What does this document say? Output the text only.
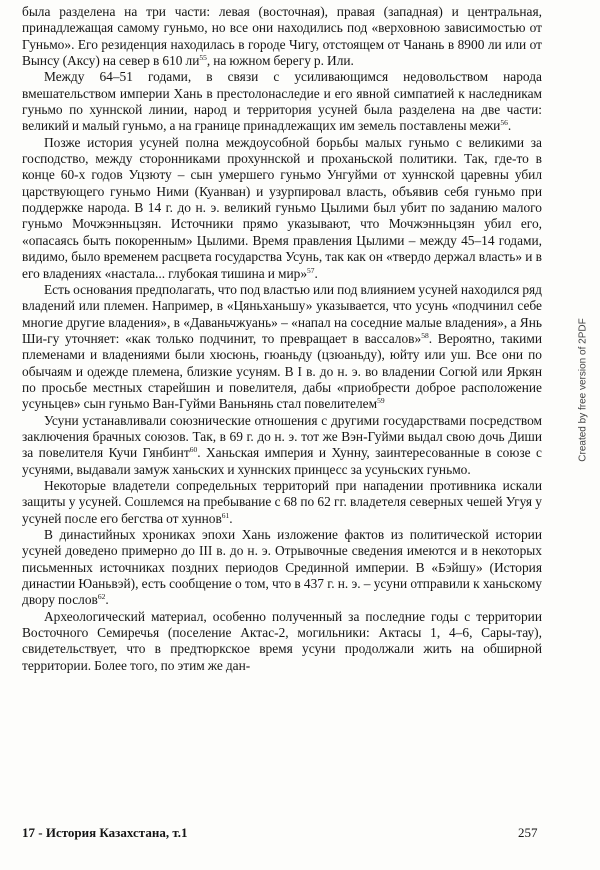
была разделена на три части: левая (восточная), правая (западная) и центральная, принадлежащая самому гуньмо, но все они находились под «верховною зависимостью от Гуньмо». Его резиденция находилась в городе Чигу, отстоящем от Чанань в 8900 ли или от Вынсу (Аксу) на север в 610 $ли^{55}$, на южном берегу р. Или.

Между 64–51 годами, в связи с усиливающимся недовольством народа вмешательством империи Хань в престолонаследие и его явной симпатией к наследникам гуньмо по хуннской линии, народ и территория усуней была разделена на две части: великий и малый гуньмо, а на границе принадлежащих им земель поставлены межи$^{56}$.

Позже история усуней полна междоусобной борьбы малых гуньмо с великими за господство, между сторонниками прохуннской и проханьской политики. Так, где-то в конце 60-х годов Уцзюту – сын умершего гуньмо Унгуйми от хуннской царевны убил царствующего гуньмо Ними (Куанван) и узурпировал власть, объявив себя гуньмо при поддержке народа. В 14 г. до н. э. великий гуньмо Цылими был убит по заданию малого гуньмо Мочжэнньцзян. Источники прямо указывают, что Мочжэнньцзян убил его, «опасаясь быть покоренным» Цылими. Время правления Цылими – между 45–14 годами, видимо, было временем расцвета государства Усунь, так как он «твердо держал власть» и в его владениях «настала... глубокая тишина и мир»$^{57}$.

Есть основания предполагать, что под властью или под влиянием усуней находился ряд владений или племен. Например, в «Цяньханьшу» указывается, что усунь «подчинил себе многие другие владения», в «Даваньчжуань» – «напал на соседние малые владения», а Янь Ши-гу уточняет: «как только подчинит, то превращает в вассалов»$^{58}$. Вероятно, такими племенами и владениями были хюсюнь, гюаньду (цзюаньду), юйту или уш. Все они по обычаям и одежде племена, близкие усуням. В I в. до н. э. во владении Согюй или Яркян по просьбе местных старейшин и повелителя, дабы «приобрести доброе расположение усуньцев» сын гуньмо Ван-Гуйми Ваньнянь стал повелителем$^{59}$

Усуни устанавливали союзнические отношения с другими государствами посредством заключения брачных союзов. Так, в 69 г. до н. э. тот же Вэн-Гуйми выдал свою дочь Диши за повелителя Кучи Гянбинт$^{60}$. Ханьская империя и Хунну, заинтересованные в союзе с усунями, выдавали замуж ханьских и хуннских принцесс за усуньских гуньмо.

Некоторые владетели сопредельных территорий при нападении противника искали защиты у усуней. Сошлемся на пребывание с 68 по 62 гг. владетеля северных чешей Угуя у усуней после его бегства от хуннов$^{61}$.

В династийных хрониках эпохи Хань изложение фактов из политической истории усуней доведено примерно до III в. до н. э. Отрывочные сведения имеются и в некоторых письменных источниках поздних периодов Срединной империи. В «Бэйшу» (История династии Юаньвэй), есть сообщение о том, что в 437 г. н. э. – усуни отправили к ханьскому двору послов$^{62}$.

Археологический материал, особенно полученный за последние годы с территории Восточного Семиречья (поселение Актас-2, могильники: Актасы 1, 4–6, Сары-тау), свидетельствует, что в предтюркское время усуни продолжали жить на обширной территории. Более того, по этим же дан-

Created by free version of 2PDF
17 - История Казахстана, т.1	257
